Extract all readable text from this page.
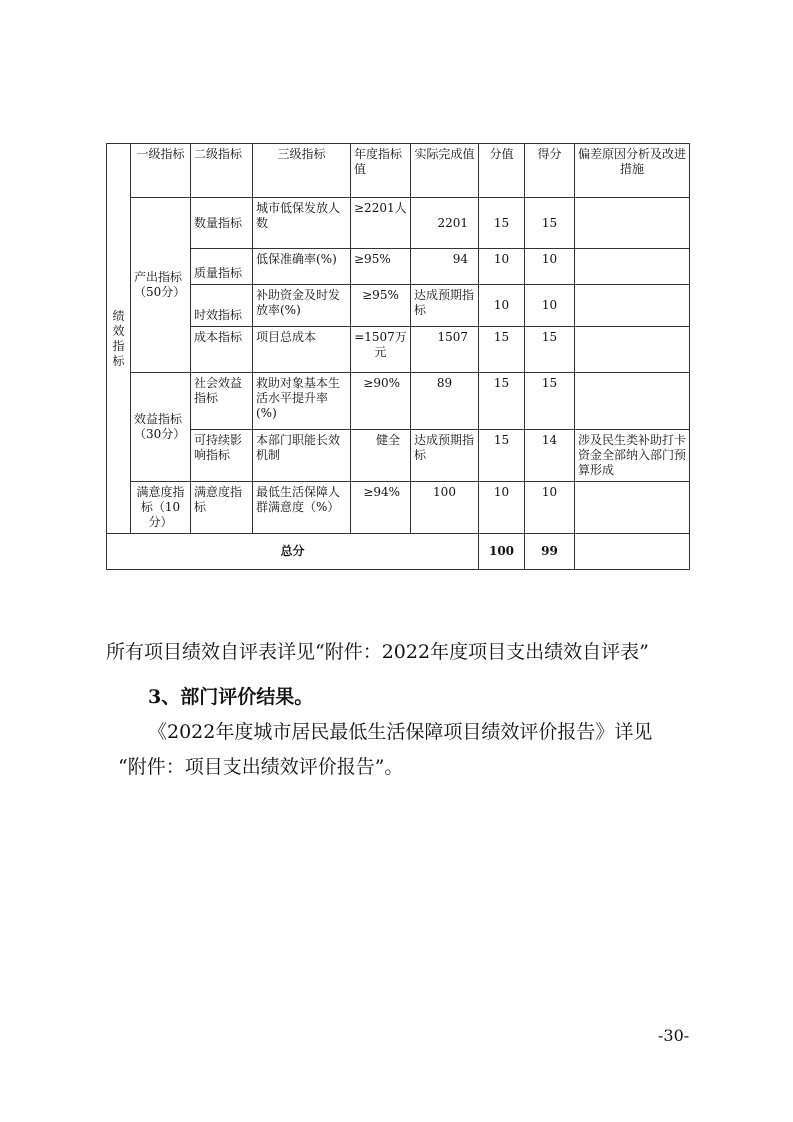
绩效指标	一级指标	二级指标	三级指标	年度指标值	实际完成值	分值	得分	偏差原因分析及改进 措施
	产出指标（50分）	数量指标	城市低保发放人数	≥2201人	2201	15	15	
		质量指标	低保准确率(%)	≥95%	94	10	10	
		时效指标	补助资金及时发放率(%)	≥95%	达成预期指标	10	10	
		成本指标	项目总成本	=1507万元	1507	15	15	
	效益指标（30分）	社会效益指标	救助对象基本生活水平提升率(%)	≥90%	89	15	15	
		可持续影响指标	本部门职能长效机制	健全	达成预期指标	15	14	涉及民生类补助打卡资金全部纳入部门预算形成
	满意度指标（10分）	满意度指标	最低生活保障人群满意度（%）	≥94%	100	10	10	
总分						100	99	
所有项目绩效自评表详见“附件：2022年度项目支出绩效自评表”
3、部门评价结果。
《2022年度城市居民最低生活保障项目绩效评价报告》详见
“附件：项目支出绩效评价报告”。
-30-
